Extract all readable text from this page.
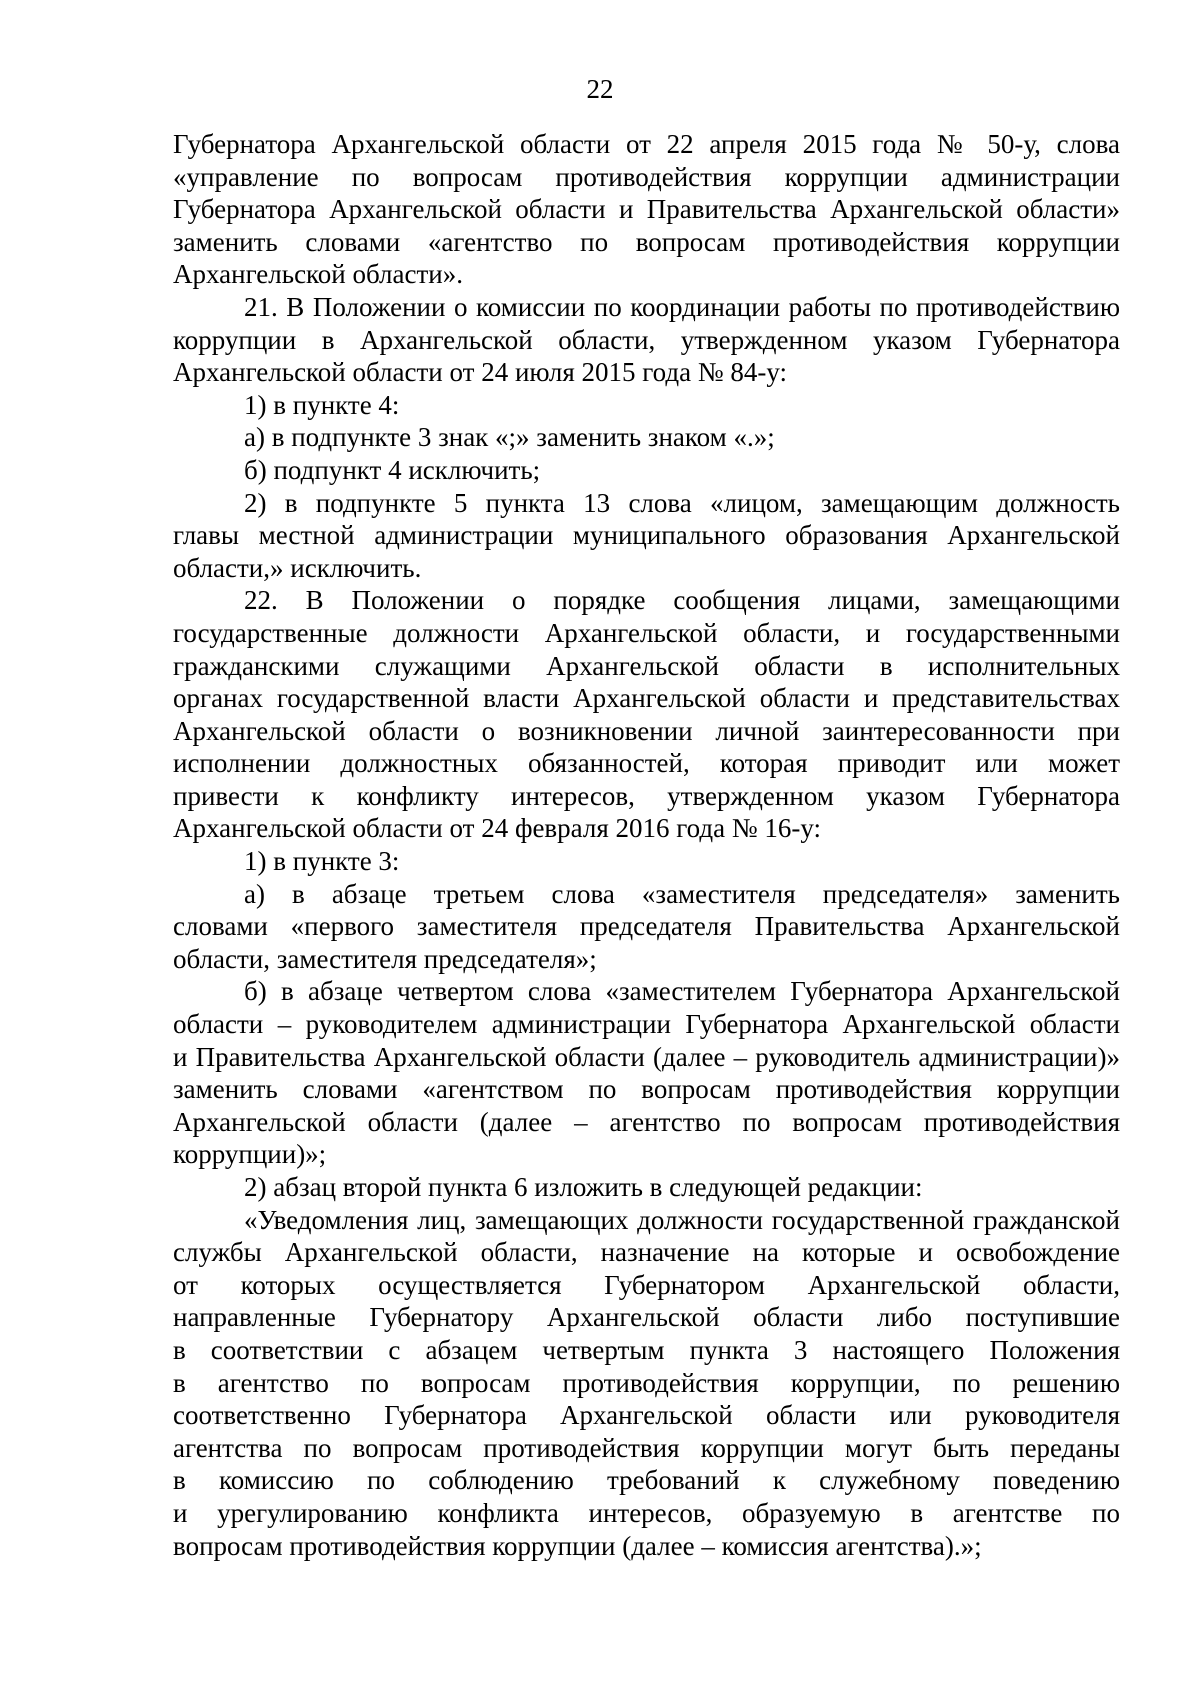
22
Губернатора Архангельской области от 22 апреля 2015 года № 50-у, слова
«управление по вопросам противодействия коррупции администрации
Губернатора Архангельской области и Правительства Архангельской области»
заменить словами «агентство по вопросам противодействия коррупции
Архангельской области».
21. В Положении о комиссии по координации работы по противодействию
коррупции в Архангельской области, утвержденном указом Губернатора
Архангельской области от 24 июля 2015 года № 84-у:
1) в пункте 4:
а) в подпункте 3 знак «;» заменить знаком «.»;
б) подпункт 4 исключить;
2) в подпункте 5 пункта 13 слова «лицом, замещающим должность
главы местной администрации муниципального образования Архангельской
области,» исключить.
22. В Положении о порядке сообщения лицами, замещающими
государственные должности Архангельской области, и государственными
гражданскими служащими Архангельской области в исполнительных
органах государственной власти Архангельской области и представительствах
Архангельской области о возникновении личной заинтересованности при
исполнении должностных обязанностей, которая приводит или может
привести к конфликту интересов, утвержденном указом Губернатора
Архангельской области от 24 февраля 2016 года № 16-у:
1) в пункте 3:
а) в абзаце третьем слова «заместителя председателя» заменить
словами «первого заместителя председателя Правительства Архангельской
области, заместителя председателя»;
б) в абзаце четвертом слова «заместителем Губернатора Архангельской
области – руководителем администрации Губернатора Архангельской области
и Правительства Архангельской области (далее – руководитель администрации)»
заменить словами «агентством по вопросам противодействия коррупции
Архангельской области (далее – агентство по вопросам противодействия
коррупции)»;
2) абзац второй пункта 6 изложить в следующей редакции:
«Уведомления лиц, замещающих должности государственной гражданской
службы Архангельской области, назначение на которые и освобождение
от которых осуществляется Губернатором Архангельской области,
направленные Губернатору Архангельской области либо поступившие
в соответствии с абзацем четвертым пункта 3 настоящего Положения
в агентство по вопросам противодействия коррупции, по решению
соответственно Губернатора Архангельской области или руководителя
агентства по вопросам противодействия коррупции могут быть переданы
в комиссию по соблюдению требований к служебному поведению
и урегулированию конфликта интересов, образуемую в агентстве по
вопросам противодействия коррупции (далее – комиссия агентства).»;
